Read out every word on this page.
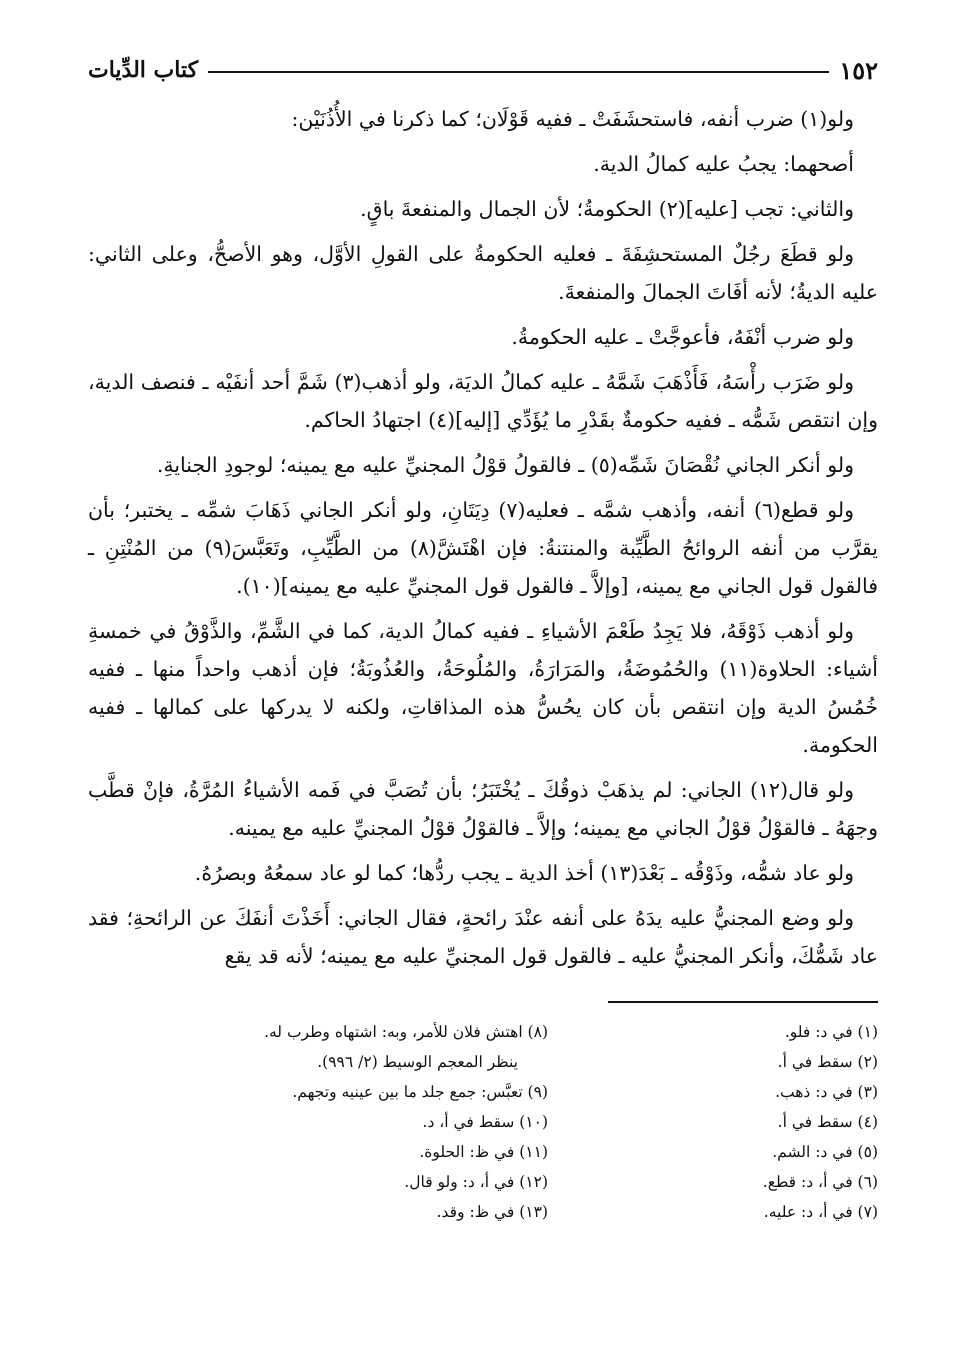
١٥٢
كتاب الدِّيات

ولو(١) ضرب أنفه، فاستحشَفَتْ ـ ففيه قَوْلَان؛ كما ذكرنا في الأُذُنَيْن:

أصحهما: يجبُ عليه كمالُ الدية.

والثاني: تجب [عليه](٢) الحكومةُ؛ لأن الجمال والمنفعةَ باقٍ.

ولو قطَعَ رجُلٌ المستحشِفَةَ ـ فعليه الحكومةُ على القولِ الأوَّل، وهو الأصحُّ، وعلى الثاني: عليه الديةُ؛ لأنه أفَاتَ الجمالَ والمنفعةَ.

ولو ضرب أنْفَهُ، فأعوجَّتْ ـ عليه الحكومةُ.

ولو ضَرَب رأْسَهُ، فَأَذْهَبَ شَمَّهُ ـ عليه كمالُ الديَة، ولو أذهب(٣) شَمَّ أحد أنفَيْه ـ فنصف الدية، وإن انتقص شَمُّه ـ ففيه حكومةٌ بقَدْرِ ما يُؤَدِّي [إليه](٤) اجتهادُ الحاكم.

ولو أنكر الجاني نُقْصَانَ شَمِّه(٥) ـ فالقولُ قوْلُ المجنيِّ عليه مع يمينه؛ لوجودِ الجنايةِ.

ولو قطع(٦) أنفه، وأذهب شمَّه ـ فعليه(٧) دِيَتَانِ، ولو أنكر الجاني ذَهَابَ شمِّه ـ يختبر؛ بأن يقرَّب من أنفه الروائحُ الطَّيِّبة والمنتنةُ: فإن اهْتَشَّ(٨) من الطَّيِّبِ، وتَعَبَّسَ(٩) من المُنْتِنِ ـ فالقول قول الجاني مع يمينه، [وإلاَّ ـ فالقول قول المجنيِّ عليه مع يمينه](١٠).

ولو أذهب ذَوْقَهُ، فلا يَجِدُ طَعْمَ الأشياءِ ـ ففيه كمالُ الدية، كما في الشَّمِّ، والذَّوْقُ في خمسةِ أشياء: الحلاوة(١١) والحُمُوضَةُ، والمَرَارَةُ، والمُلُوحَةُ، والعُذُوبَةُ؛ فإن أذهب واحداً منها ـ ففيه خُمُسُ الدية وإن انتقص بأن كان يحُسُّ هذه المذاقاتِ، ولكنه لا يدركها على كمالها ـ ففيه الحكومة.

ولو قال(١٢) الجاني: لم يذهَبْ ذوقُكَ ـ يُخْتَبَرُ؛ بأن تُصَبَّ في فَمه الأشياءُ المُرَّةُ، فإنْ قطَّب وجهَهُ ـ فالقوْلُ قوْلُ الجاني مع يمينه؛ وإلاَّ ـ فالقوْلُ قوْلُ المجنيِّ عليه مع يمينه.

ولو عاد شمُّه، وذَوْقُه ـ بَعْدَ(١٣) أخذ الدية ـ يجب ردُّها؛ كما لو عاد سمعُهُ وبصرُهُ.

ولو وضع المجنيُّ عليه يدَهُ على أنفه عنْدَ رائحةٍ، فقال الجاني: أَخَذْتَ أنفَكَ عن الرائحةِ؛ فقد عاد شَمُّكَ، وأنكر المجنيُّ عليه ـ فالقول قول المجنيِّ عليه مع يمينه؛ لأنه قد يقع

(١) في د: فلو.
(٢) سقط في أ.
(٣) في د: ذهب.
(٤) سقط في أ.
(٥) في د: الشم.
(٦) في أ، د: قطع.
(٧) في أ، د: عليه.
(٨) اهتش فلان للأمر، وبه: اشتهاه وطرب له.
ينظر المعجم الوسيط (٢/ ٩٩٦).
(٩) تعبَّس: جمع جلد ما بين عينيه وتجهم.
(١٠) سقط في أ، د.
(١١) في ظ: الحلوة.
(١٢) في أ، د: ولو قال.
(١٣) في ظ: وقد.
